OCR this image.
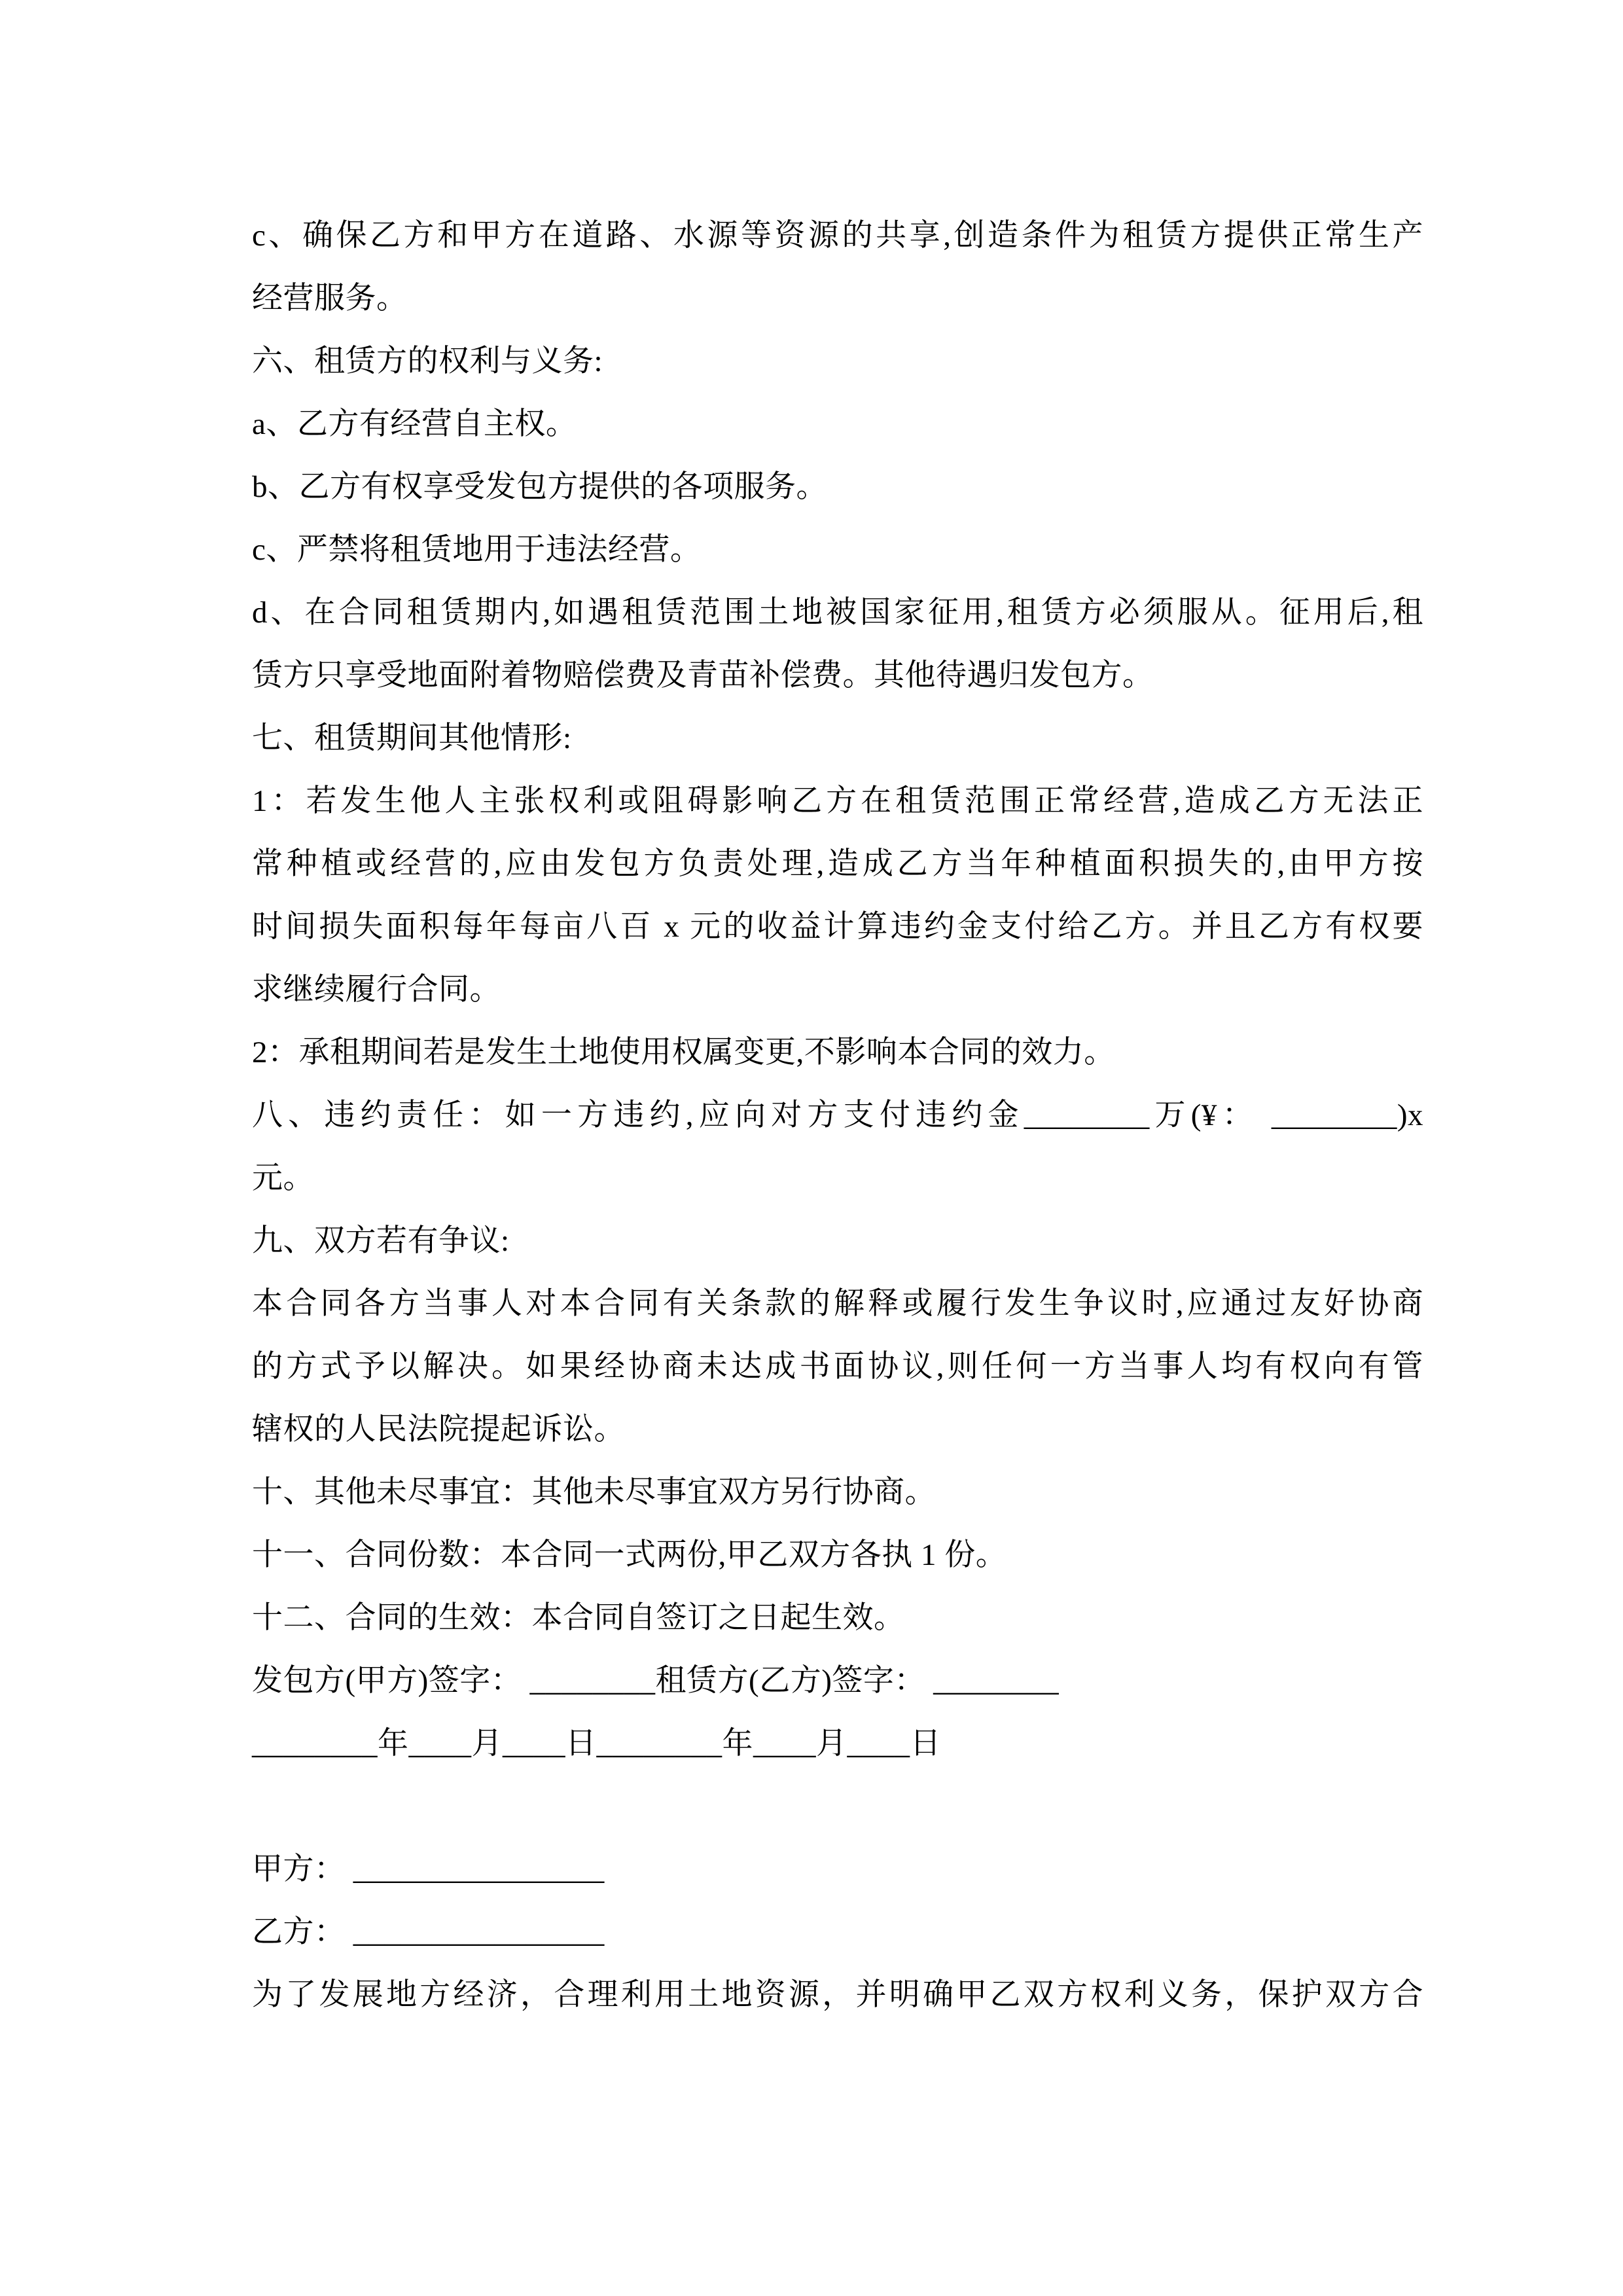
c、确保乙方和甲方在道路、水源等资源的共享,创造条件为租赁方提供正常生产

经营服务。

六、租赁方的权利与义务:

a、乙方有经营自主权。

b、乙方有权享受发包方提供的各项服务。

c、严禁将租赁地用于违法经营。

d、在合同租赁期内,如遇租赁范围土地被国家征用,租赁方必须服从。征用后,租

赁方只享受地面附着物赔偿费及青苗补偿费。其他待遇归发包方。

七、租赁期间其他情形:

1：若发生他人主张权利或阻碍影响乙方在租赁范围正常经营,造成乙方无法正

常种植或经营的,应由发包方负责处理,造成乙方当年种植面积损失的,由甲方按

时间损失面积每年每亩八百 x 元的收益计算违约金支付给乙方。并且乙方有权要

求继续履行合同。

2：承租期间若是发生土地使用权属变更,不影响本合同的效力。

八、违约责任：如一方违约,应向对方支付违约金________万(¥： ________)x

元。

九、双方若有争议:

本合同各方当事人对本合同有关条款的解释或履行发生争议时,应通过友好协商

的方式予以解决。如果经协商未达成书面协议,则任何一方当事人均有权向有管

辖权的人民法院提起诉讼。

十、其他未尽事宜：其他未尽事宜双方另行协商。

十一、合同份数：本合同一式两份,甲乙双方各执 1 份。

十二、合同的生效：本合同自签订之日起生效。

发包方(甲方)签字： ________租赁方(乙方)签字： ________

________年____月____日________年____月____日

甲方： ________________

乙方： ________________

为了发展地方经济，合理利用土地资源，并明确甲乙双方权利义务，保护双方合
